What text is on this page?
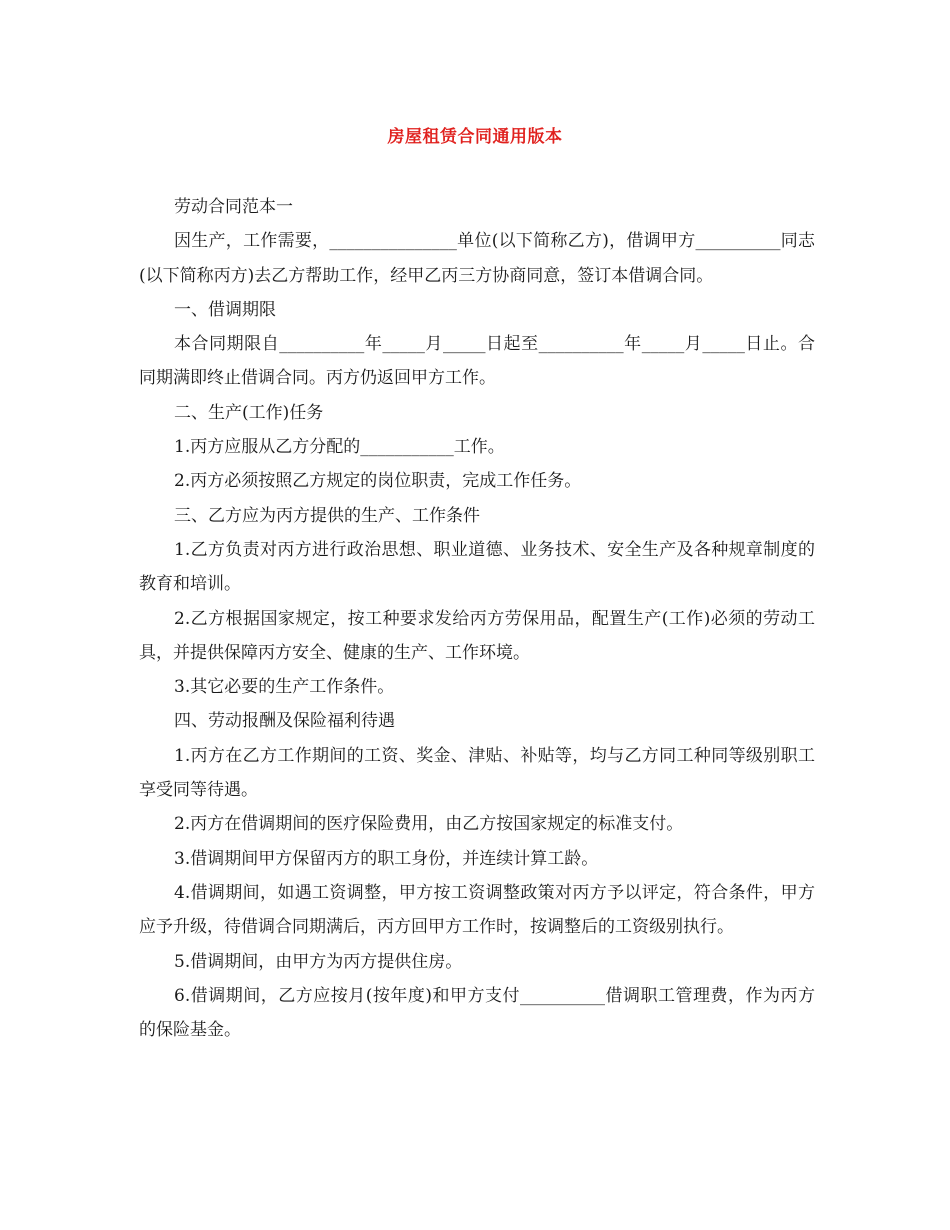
房屋租赁合同通用版本

劳动合同范本一

因生产，工作需要，_______________单位(以下简称乙方)，借调甲方__________同志(以下简称丙方)去乙方帮助工作，经甲乙丙三方协商同意，签订本借调合同。

一、借调期限

本合同期限自__________年_____月_____日起至__________年_____月_____日止。合同期满即终止借调合同。丙方仍返回甲方工作。

二、生产(工作)任务

1.丙方应服从乙方分配的___________工作。

2.丙方必须按照乙方规定的岗位职责，完成工作任务。

三、乙方应为丙方提供的生产、工作条件

1.乙方负责对丙方进行政治思想、职业道德、业务技术、安全生产及各种规章制度的教育和培训。

2.乙方根据国家规定，按工种要求发给丙方劳保用品，配置生产(工作)必须的劳动工具，并提供保障丙方安全、健康的生产、工作环境。

3.其它必要的生产工作条件。

四、劳动报酬及保险福利待遇

1.丙方在乙方工作期间的工资、奖金、津贴、补贴等，均与乙方同工种同等级别职工享受同等待遇。

2.丙方在借调期间的医疗保险费用，由乙方按国家规定的标准支付。

3.借调期间甲方保留丙方的职工身份，并连续计算工龄。

4.借调期间，如遇工资调整，甲方按工资调整政策对丙方予以评定，符合条件，甲方应予升级，待借调合同期满后，丙方回甲方工作时，按调整后的工资级别执行。

5.借调期间，由甲方为丙方提供住房。

6.借调期间，乙方应按月(按年度)和甲方支付__________借调职工管理费，作为丙方的保险基金。
